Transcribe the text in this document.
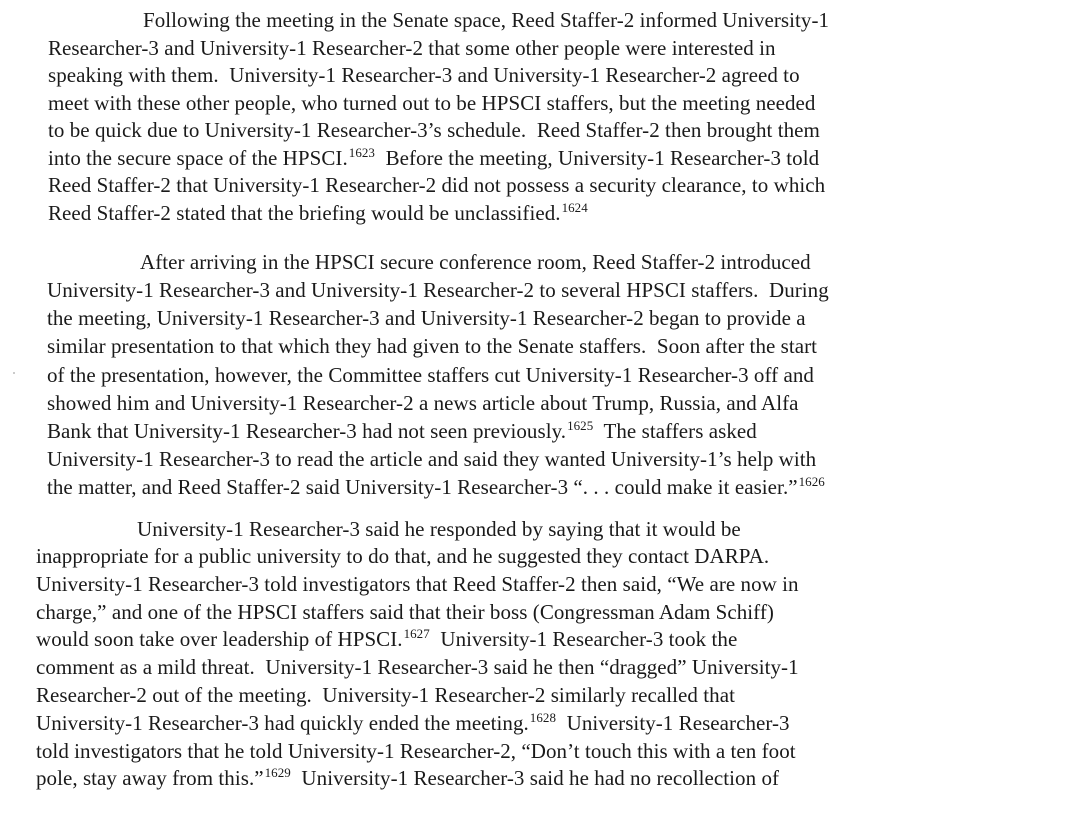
Following the meeting in the Senate space, Reed Staffer-2 informed University-1
Researcher-3 and University-1 Researcher-2 that some other people were interested in
speaking with them.  University-1 Researcher-3 and University-1 Researcher-2 agreed to
meet with these other people, who turned out to be HPSCI staffers, but the meeting needed
to be quick due to University-1 Researcher-3’s schedule.  Reed Staffer-2 then brought them
into the secure space of the HPSCI.$^{1623}$  Before the meeting, University-1 Researcher-3 told
Reed Staffer-2 that University-1 Researcher-2 did not possess a security clearance, to which
Reed Staffer-2 stated that the briefing would be unclassified.$^{1624}$
After arriving in the HPSCI secure conference room, Reed Staffer-2 introduced
University-1 Researcher-3 and University-1 Researcher-2 to several HPSCI staffers.  During
the meeting, University-1 Researcher-3 and University-1 Researcher-2 began to provide a
similar presentation to that which they had given to the Senate staffers.  Soon after the start
of the presentation, however, the Committee staffers cut University-1 Researcher-3 off and
showed him and University-1 Researcher-2 a news article about Trump, Russia, and Alfa
Bank that University-1 Researcher-3 had not seen previously.$^{1625}$  The staffers asked
University-1 Researcher-3 to read the article and said they wanted University-1’s help with
the matter, and Reed Staffer-2 said University-1 Researcher-3 “. . . could make it easier.”$^{1626}$
University-1 Researcher-3 said he responded by saying that it would be
inappropriate for a public university to do that, and he suggested they contact DARPA.
University-1 Researcher-3 told investigators that Reed Staffer-2 then said, “We are now in
charge,” and one of the HPSCI staffers said that their boss (Congressman Adam Schiff)
would soon take over leadership of HPSCI.$^{1627}$  University-1 Researcher-3 took the
comment as a mild threat.  University-1 Researcher-3 said he then “dragged” University-1
Researcher-2 out of the meeting.  University-1 Researcher-2 similarly recalled that
University-1 Researcher-3 had quickly ended the meeting.$^{1628}$  University-1 Researcher-3
told investigators that he told University-1 Researcher-2, “Don’t touch this with a ten foot
pole, stay away from this.”$^{1629}$  University-1 Researcher-3 said he had no recollection of
